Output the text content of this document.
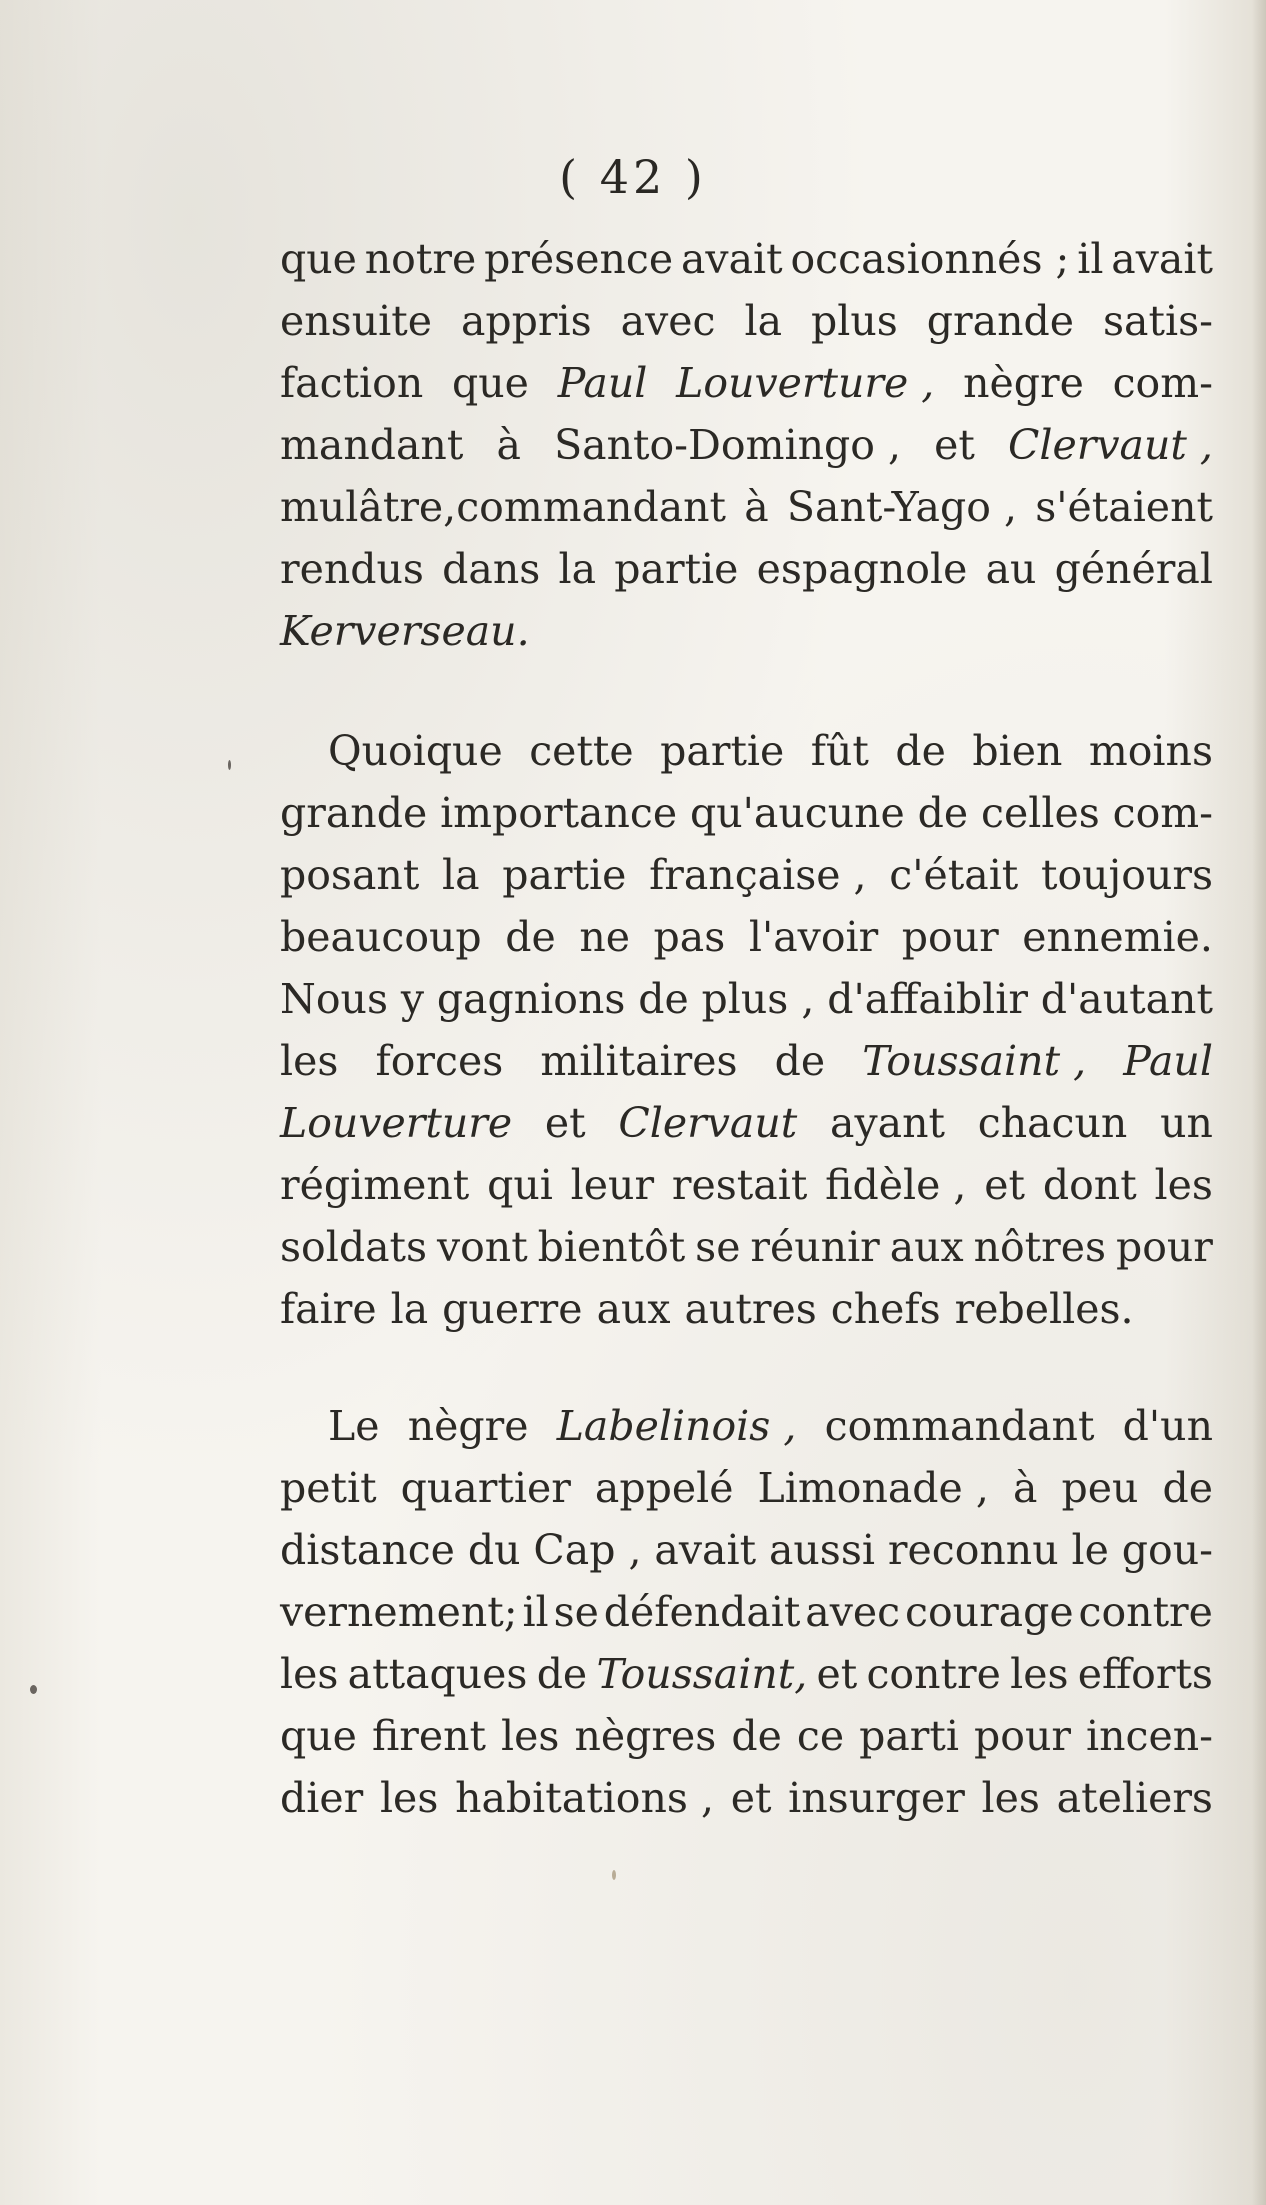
( 42 )
que notre présence avait occasionnés ; il avait
ensuite appris avec la plus grande satis-
faction que Paul Louverture , nègre com-
mandant à Santo-Domingo , et Clervaut ,
mulâtre,commandant à Sant-Yago , s'étaient
rendus dans la partie espagnole au général
Kerverseau.
Quoique cette partie fût de bien moins
grande importance qu'aucune de celles com-
posant la partie française , c'était toujours
beaucoup de ne pas l'avoir pour ennemie.
Nous y gagnions de plus , d'affaiblir d'autant
les forces militaires de Toussaint , Paul
Louverture et Clervaut ayant chacun un
régiment qui leur restait fidèle , et dont les
soldats vont bientôt se réunir aux nôtres pour
faire la guerre aux autres chefs rebelles.
Le nègre Labelinois , commandant d'un
petit quartier appelé Limonade , à peu de
distance du Cap , avait aussi reconnu le gou-
vernement; il se défendait avec courage contre
les attaques de Toussaint, et contre les efforts
que firent les nègres de ce parti pour incen-
dier les habitations , et insurger les ateliers
